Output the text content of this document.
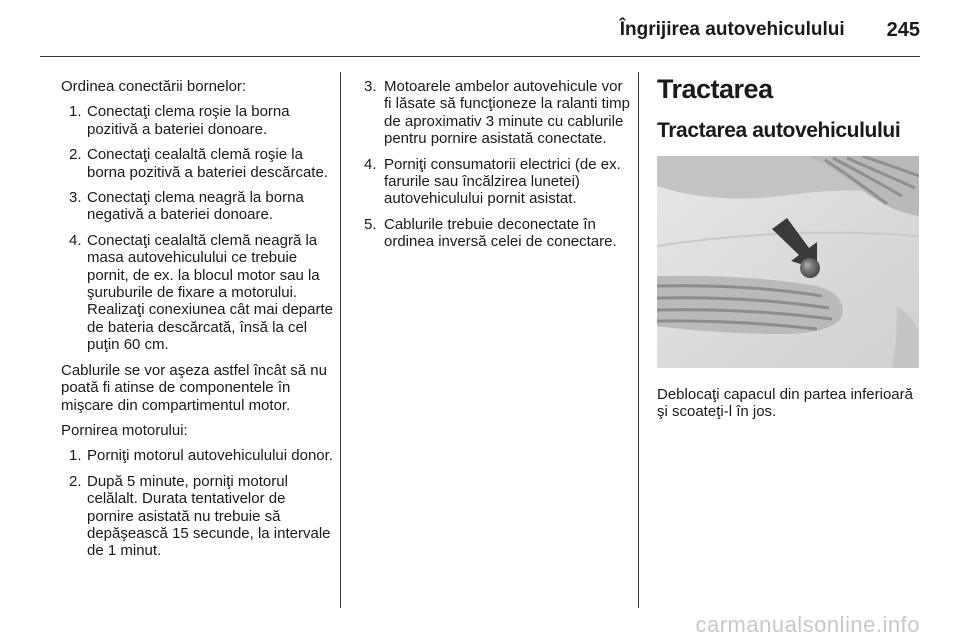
Îngrijirea autovehiculului 245

Ordinea conectării bornelor:

1. Conectaţi clema roşie la borna pozitivă a bateriei donoare.
2. Conectaţi cealaltă clemă roşie la borna pozitivă a bateriei descărcate.
3. Conectaţi clema neagră la borna negativă a bateriei donoare.
4. Conectaţi cealaltă clemă neagră la masa autovehiculului ce trebuie pornit, de ex. la blocul motor sau la şuruburile de fixare a motorului. Realizaţi conexiunea cât mai departe de bateria descărcată, însă la cel puţin 60 cm.

Cablurile se vor aşeza astfel încât să nu poată fi atinse de componentele în mişcare din compartimentul motor.

Pornirea motorului:

1. Porniţi motorul autovehiculului donor.
2. După 5 minute, porniţi motorul celălalt. Durata tentativelor de pornire asistată nu trebuie să depăşească 15 secunde, la intervale de 1 minut.
3. Motoarele ambelor autovehicule vor fi lăsate să funcţioneze la ralanti timp de aproximativ 3 minute cu cablurile pentru pornire asistată conectate.
4. Porniţi consumatorii electrici (de ex. farurile sau încălzirea lunetei) autovehiculului pornit asistat.
5. Cablurile trebuie deconectate în ordinea inversă celei de conectare.
Tractarea
Tractarea autovehiculului

Deblocaţi capacul din partea inferioară şi scoateţi-l în jos.

carmanualsonline.info
